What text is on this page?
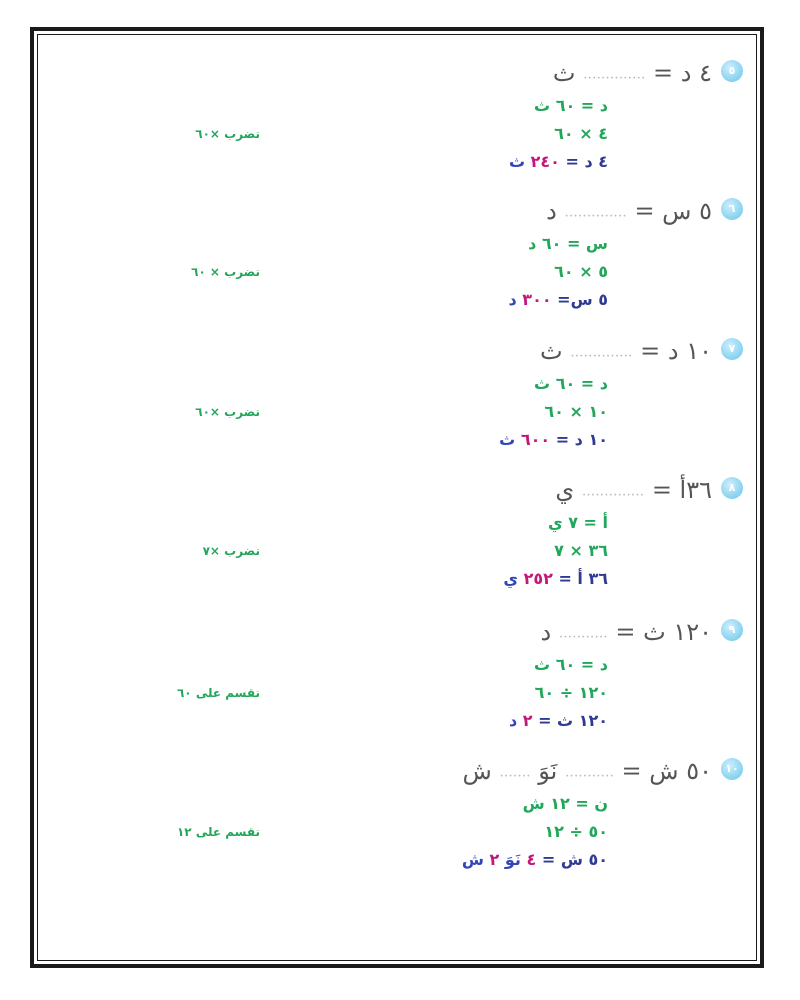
٥
٤ د = .............. ث
د = ٦٠ ث
٤ × ٦٠
٤ د = ٢٤٠ ث
نضرب ×٦٠
٦
٥ س = .............. د
س = ٦٠ د
٥ × ٦٠
٥ س= ٣٠٠ د
نضرب × ٦٠
٧
١٠ د = .............. ث
د = ٦٠ ث
١٠ × ٦٠
١٠ د = ٦٠٠ ث
نضرب ×٦٠
٨
٣٦أ = .............. ي
أ = ٧ ي
٣٦ × ٧
٣٦ أ = ٢٥٢ ي
نضرب ×٧
٩
١٢٠ ث = ........... د
د = ٦٠ ث
١٢٠ ÷ ٦٠
١٢٠ ث = ٢ د
نقسم على ٦٠
١٠
٥٠ ش = ........... نَوَ ....... ش
ن = ١٢ ش
٥٠ ÷ ١٢
٥٠ ش = ٤ نَوَ ٢ ش
نقسم على ١٢
